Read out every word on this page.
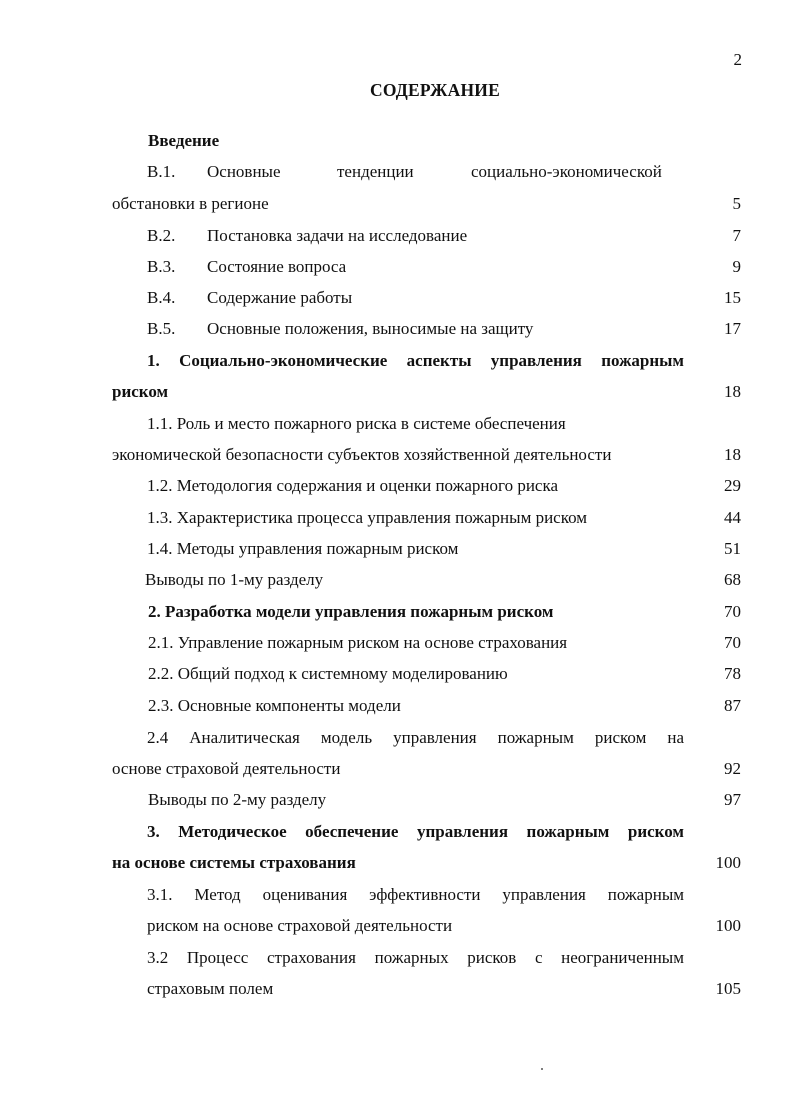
2
СОДЕРЖАНИЕ
Введение
В.1. Основные	тенденции	социально-экономической
обстановки в регионе	5
В.2. Постановка задачи на исследование	7
В.3. Состояние вопроса	9
В.4. Содержание работы	15
В.5. Основные положения, выносимые на защиту	17
1. Социально-экономические аспекты управления пожарным
риском	18
1.1. Роль и место пожарного риска в системе обеспечения
экономической безопасности субъектов хозяйственной деятельности	18
1.2. Методология содержания и оценки пожарного риска	29
1.3. Характеристика процесса управления пожарным риском	44
1.4. Методы управления пожарным риском	51
Выводы по 1-му разделу	68
2. Разработка модели управления пожарным риском	70
2.1. Управление пожарным риском на основе страхования	70
2.2. Общий подход к системному моделированию	78
2.3. Основные компоненты модели	87
2.4 Аналитическая модель управления пожарным риском на
основе страховой деятельности	92
Выводы по 2-му разделу	97
3. Методическое обеспечение управления пожарным риском
на основе системы страхования	100
3.1. Метод оценивания эффективности управления пожарным
риском на основе страховой деятельности	100
3.2 Процесс страхования пожарных рисков с неограниченным
страховым полем	105
